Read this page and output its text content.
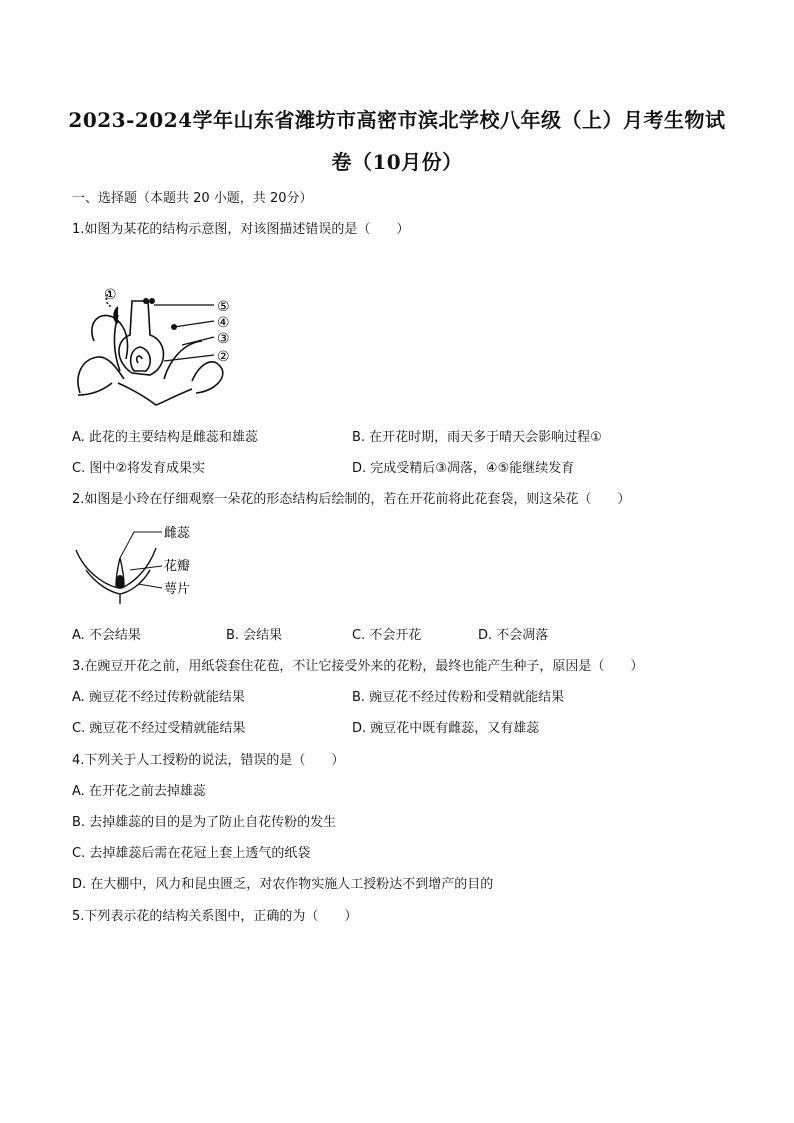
2023-2024学年山东省潍坊市高密市滨北学校八年级（上）月考生物试
卷（10月份）
一、选择题（本题共 20 小题，共 20分）
1.如图为某花的结构示意图，对该图描述错误的是（　　）
①
⑤
④
③
②
A. 此花的主要结构是雌蕊和雄蕊	B. 在开花时期，雨天多于晴天会影响过程①
C. 图中②将发育成果实	D. 完成受精后③凋落，④⑤能继续发育
2.如图是小玲在仔细观察一朵花的形态结构后绘制的，若在开花前将此花套袋，则这朵花（　　）
雌蕊
花瓣
萼片
A. 不会结果	B. 会结果	C. 不会开花	D. 不会凋落
3.在豌豆开花之前，用纸袋套住花苞，不让它接受外来的花粉，最终也能产生种子，原因是（　　）
A. 豌豆花不经过传粉就能结果	B. 豌豆花不经过传粉和受精就能结果
C. 豌豆花不经过受精就能结果	D. 豌豆花中既有雌蕊，又有雄蕊
4.下列关于人工授粉的说法，错误的是（　　）
A. 在开花之前去掉雄蕊
B. 去掉雄蕊的目的是为了防止自花传粉的发生
C. 去掉雄蕊后需在花冠上套上透气的纸袋
D. 在大棚中，风力和昆虫匮乏，对农作物实施人工授粉达不到增产的目的
5.下列表示花的结构关系图中，正确的为（　　）
